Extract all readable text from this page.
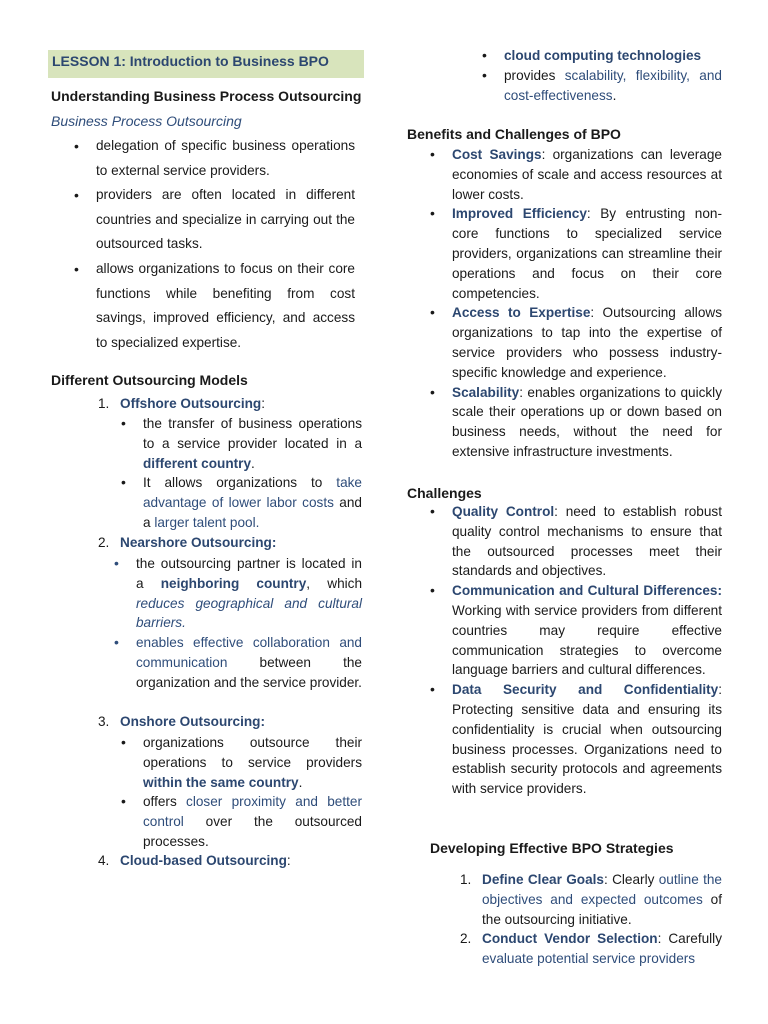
LESSON 1: Introduction to Business BPO
Understanding Business Process Outsourcing
Business Process Outsourcing
• delegation of specific business operations to external service providers.
• providers are often located in different countries and specialize in carrying out the outsourced tasks.
• allows organizations to focus on their core functions while benefiting from cost savings, improved efficiency, and access to specialized expertise.
Different Outsourcing Models
1. Offshore Outsourcing:
• the transfer of business operations to a service provider located in a different country.
• It allows organizations to take advantage of lower labor costs and a larger talent pool.
2. Nearshore Outsourcing:
• the outsourcing partner is located in a neighboring country, which reduces geographical and cultural barriers.
• enables effective collaboration and communication between the organization and the service provider.
3. Onshore Outsourcing:
• organizations outsource their operations to service providers within the same country.
• offers closer proximity and better control over the outsourced processes.
4. Cloud-based Outsourcing:
• cloud computing technologies
• provides scalability, flexibility, and cost-effectiveness.
Benefits and Challenges of BPO
• Cost Savings: organizations can leverage economies of scale and access resources at lower costs.
• Improved Efficiency: By entrusting non-core functions to specialized service providers, organizations can streamline their operations and focus on their core competencies.
• Access to Expertise: Outsourcing allows organizations to tap into the expertise of service providers who possess industry-specific knowledge and experience.
• Scalability: enables organizations to quickly scale their operations up or down based on business needs, without the need for extensive infrastructure investments.
Challenges
• Quality Control: need to establish robust quality control mechanisms to ensure that the outsourced processes meet their standards and objectives.
• Communication and Cultural Differences: Working with service providers from different countries may require effective communication strategies to overcome language barriers and cultural differences.
• Data Security and Confidentiality: Protecting sensitive data and ensuring its confidentiality is crucial when outsourcing business processes. Organizations need to establish security protocols and agreements with service providers.
Developing Effective BPO Strategies
1. Define Clear Goals: Clearly outline the objectives and expected outcomes of the outsourcing initiative.
2. Conduct Vendor Selection: Carefully evaluate potential service providers
